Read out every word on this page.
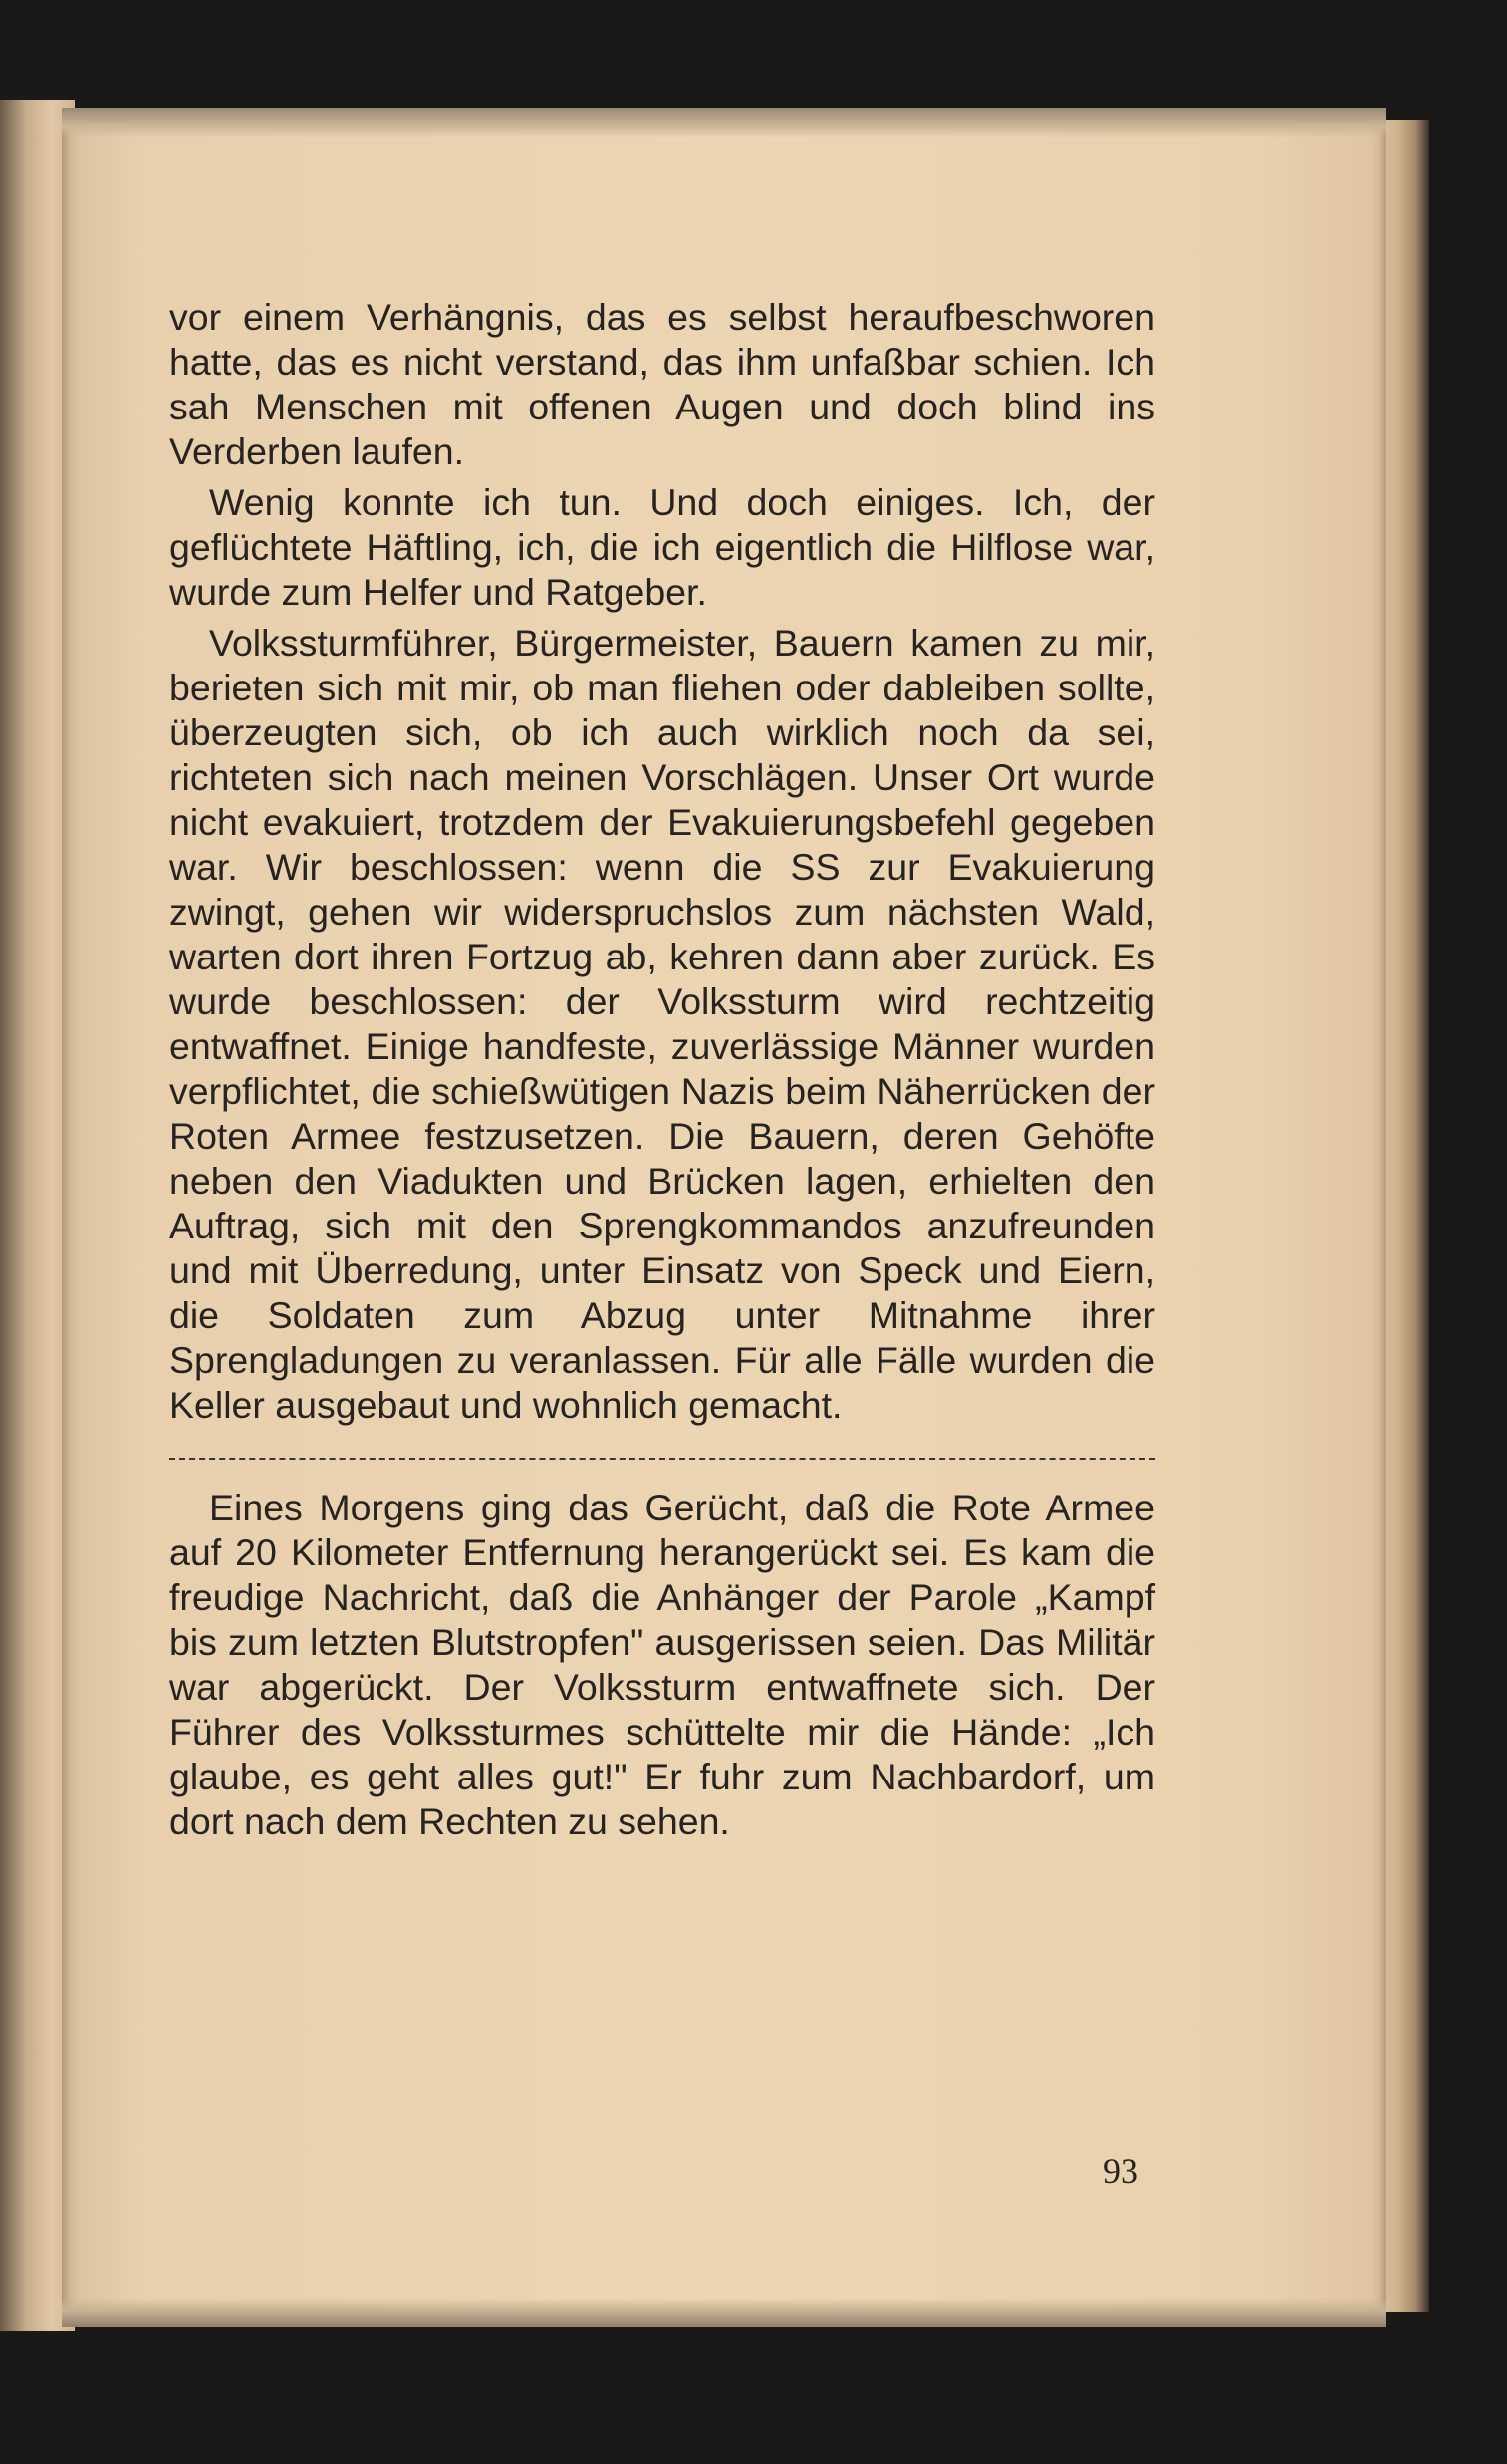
vor einem Verhängnis, das es selbst heraufbeschworen hatte, das es nicht verstand, das ihm unfaßbar schien. Ich sah Menschen mit offenen Augen und doch blind ins Verderben laufen.

Wenig konnte ich tun. Und doch einiges. Ich, der geflüchtete Häftling, ich, die ich eigentlich die Hilflose war, wurde zum Helfer und Ratgeber.

Volkssturmführer, Bürgermeister, Bauern kamen zu mir, berieten sich mit mir, ob man fliehen oder dableiben sollte, überzeugten sich, ob ich auch wirklich noch da sei, richteten sich nach meinen Vorschlägen. Unser Ort wurde nicht evakuiert, trotzdem der Evakuierungsbefehl gegeben war. Wir beschlossen: wenn die SS zur Evakuierung zwingt, gehen wir widerspruchslos zum nächsten Wald, warten dort ihren Fortzug ab, kehren dann aber zurück. Es wurde beschlossen: der Volkssturm wird rechtzeitig entwaffnet. Einige handfeste, zuverlässige Männer wurden verpflichtet, die schießwütigen Nazis beim Näherrücken der Roten Armee festzusetzen. Die Bauern, deren Gehöfte neben den Viadukten und Brücken lagen, erhielten den Auftrag, sich mit den Sprengkommandos anzufreunden und mit Überredung, unter Einsatz von Speck und Eiern, die Soldaten zum Abzug unter Mitnahme ihrer Sprengladungen zu veranlassen. Für alle Fälle wurden die Keller ausgebaut und wohnlich gemacht.

Eines Morgens ging das Gerücht, daß die Rote Armee auf 20 Kilometer Entfernung herangerückt sei. Es kam die freudige Nachricht, daß die Anhänger der Parole „Kampf bis zum letzten Blutstropfen" ausgerissen seien. Das Militär war abgerückt. Der Volkssturm entwaffnete sich. Der Führer des Volkssturmes schüttelte mir die Hände: „Ich glaube, es geht alles gut!" Er fuhr zum Nachbardorf, um dort nach dem Rechten zu sehen.

93
